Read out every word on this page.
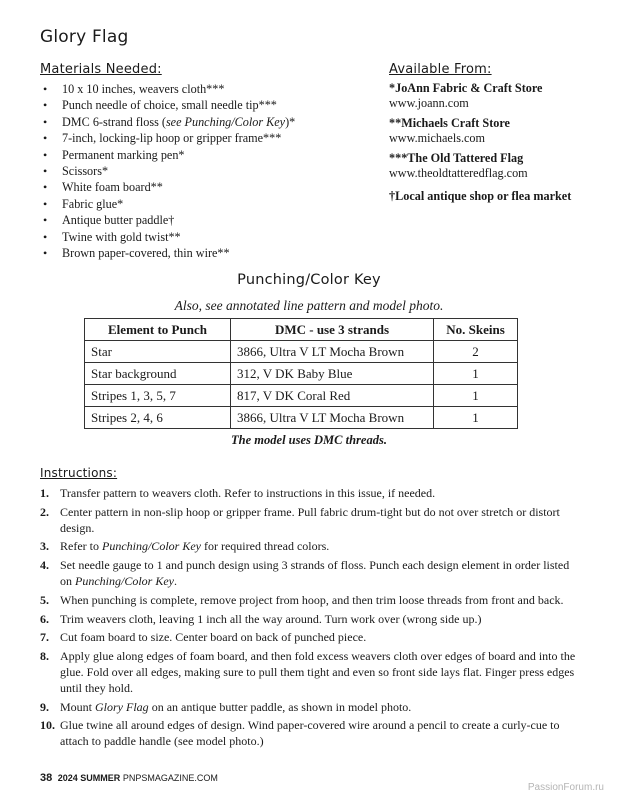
Glory Flag
Materials Needed:
• 10 x 10 inches, weavers cloth***
• Punch needle of choice, small needle tip***
• DMC 6-strand floss (see Punching/Color Key)*
• 7-inch, locking-lip hoop or gripper frame***
• Permanent marking pen*
• Scissors*
• White foam board**
• Fabric glue*
• Antique butter paddle†
• Twine with gold twist**
• Brown paper-covered, thin wire**
Available From:
*JoAnn Fabric & Craft Store
www.joann.com
**Michaels Craft Store
www.michaels.com
***The Old Tattered Flag
www.theoldtatteredflag.com
†Local antique shop or flea market
Punching/Color Key
Also, see annotated line pattern and model photo.
Element to Punch	DMC - use 3 strands	No. Skeins
Star	3866, Ultra V LT Mocha Brown	2
Star background	312, V DK Baby Blue	1
Stripes 1, 3, 5, 7	817, V DK Coral Red	1
Stripes 2, 4, 6	3866, Ultra V LT Mocha Brown	1
The model uses DMC threads.
Instructions:
1. Transfer pattern to weavers cloth. Refer to instructions in this issue, if needed.
2. Center pattern in non-slip hoop or gripper frame. Pull fabric drum-tight but do not over stretch or distort design.
3. Refer to Punching/Color Key for required thread colors.
4. Set needle gauge to 1 and punch design using 3 strands of floss. Punch each design element in order listed on Punching/Color Key.
5. When punching is complete, remove project from hoop, and then trim loose threads from front and back.
6. Trim weavers cloth, leaving 1 inch all the way around. Turn work over (wrong side up.)
7. Cut foam board to size. Center board on back of punched piece.
8. Apply glue along edges of foam board, and then fold excess weavers cloth over edges of board and into the glue. Fold over all edges, making sure to pull them tight and even so front side lays flat. Finger press edges until they hold.
9. Mount Glory Flag on an antique butter paddle, as shown in model photo.
10. Glue twine all around edges of design. Wind paper-covered wire around a pencil to create a curly-cue to attach to paddle handle (see model photo.)
38 2024 SUMMER PNPSMAGAZINE.COM
PassionForum.ru
